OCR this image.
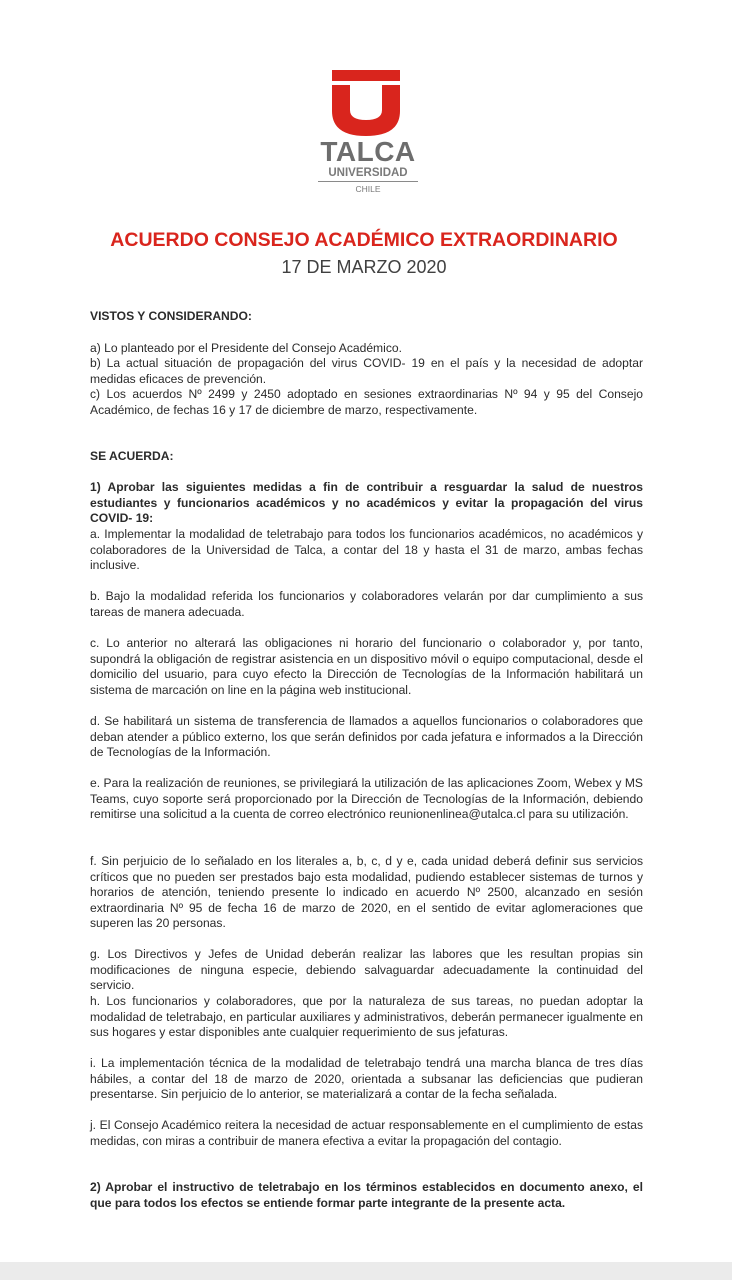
TALCA
UNIVERSIDAD
CHILE
ACUERDO CONSEJO ACADÉMICO EXTRAORDINARIO
17 DE MARZO 2020
VISTOS Y CONSIDERANDO:
a) Lo planteado por el Presidente del Consejo Académico.
b) La actual situación de propagación del virus COVID- 19 en el país y la necesidad de adoptar medidas eficaces de prevención.
c) Los acuerdos Nº 2499 y 2450 adoptado en sesiones extraordinarias Nº 94 y 95 del Consejo Académico, de fechas 16 y 17 de diciembre de marzo, respectivamente.
SE ACUERDA:
1) Aprobar las siguientes medidas a fin de contribuir a resguardar la salud de nuestros estudiantes y funcionarios académicos y no académicos y evitar la propagación del virus COVID- 19:
a. Implementar la modalidad de teletrabajo para todos los funcionarios académicos, no académicos y colaboradores de la Universidad de Talca, a contar del 18 y hasta el 31 de marzo, ambas fechas inclusive.
b. Bajo la modalidad referida los funcionarios y colaboradores velarán por dar cumplimiento a sus tareas de manera adecuada.
c. Lo anterior no alterará las obligaciones ni horario del funcionario o colaborador y, por tanto, supondrá la obligación de registrar asistencia en un dispositivo móvil o equipo computacional, desde el domicilio del usuario, para cuyo efecto la Dirección de Tecnologías de la Información habilitará un sistema de marcación on line en la página web institucional.
d. Se habilitará un sistema de transferencia de llamados a aquellos funcionarios o colaboradores que deban atender a público externo, los que serán definidos por cada jefatura e informados a la Dirección de Tecnologías de la Información.
e. Para la realización de reuniones, se privilegiará la utilización de las aplicaciones Zoom, Webex y MS Teams, cuyo soporte será proporcionado por la Dirección de Tecnologías de la Información, debiendo remitirse una solicitud a la cuenta de correo electrónico reunionenlinea@utalca.cl para su utilización.
f. Sin perjuicio de lo señalado en los literales a, b, c, d y e, cada unidad deberá definir sus servicios críticos que no pueden ser prestados bajo esta modalidad, pudiendo establecer sistemas de turnos y horarios de atención, teniendo presente lo indicado en acuerdo Nº 2500, alcanzado en sesión extraordinaria Nº 95 de fecha 16 de marzo de 2020, en el sentido de evitar aglomeraciones que superen las 20 personas.
g. Los Directivos y Jefes de Unidad deberán realizar las labores que les resultan propias sin modificaciones de ninguna especie, debiendo salvaguardar adecuadamente la continuidad del servicio.
h. Los funcionarios y colaboradores, que por la naturaleza de sus tareas, no puedan adoptar la modalidad de teletrabajo, en particular auxiliares y administrativos, deberán permanecer igualmente en sus hogares y estar disponibles ante cualquier requerimiento de sus jefaturas.
i. La implementación técnica de la modalidad de teletrabajo tendrá una marcha blanca de tres días hábiles, a contar del 18 de marzo de 2020, orientada a subsanar las deficiencias que pudieran presentarse. Sin perjuicio de lo anterior, se materializará a contar de la fecha señalada.
j. El Consejo Académico reitera la necesidad de actuar responsablemente en el cumplimiento de estas medidas, con miras a contribuir de manera efectiva a evitar la propagación del contagio.
2) Aprobar el instructivo de teletrabajo en los términos establecidos en documento anexo, el que para todos los efectos se entiende formar parte integrante de la presente acta.
